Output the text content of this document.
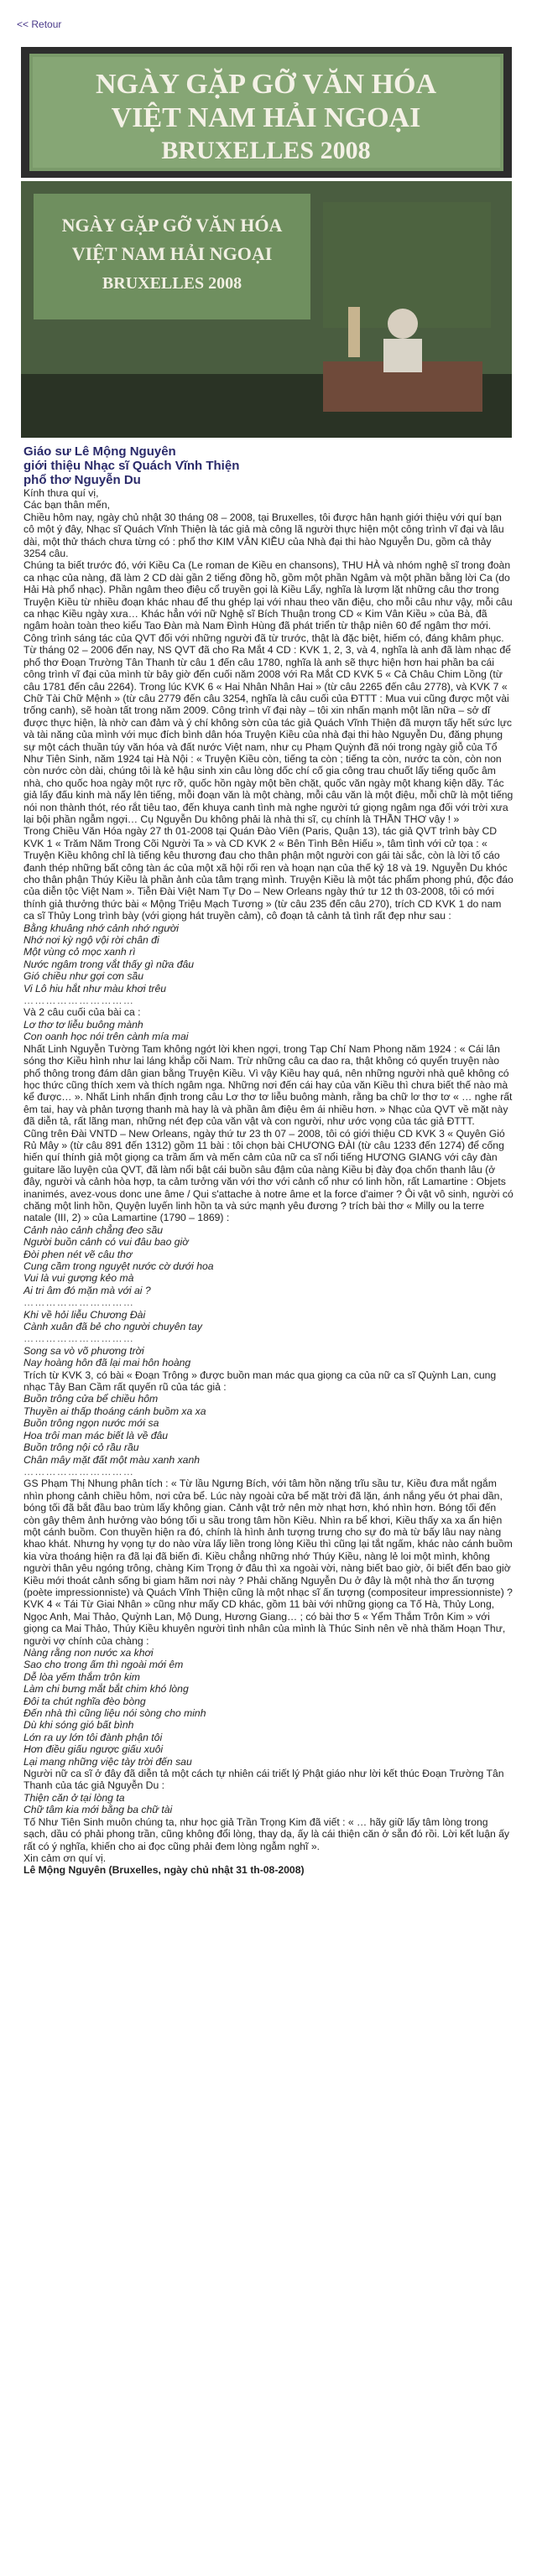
<< Retour
NGÀY GẶP GỠ VĂN HÓA
VIỆT NAM HẢI NGOẠI
BRUXELLES 2008
NGÀY GẶP GỠ VĂN HÓA
VIỆT NAM HẢI NGOẠI
BRUXELLES 2008

Giáo sư Lê Mộng Nguyên

giới thiệu Nhạc sĩ Quách Vĩnh Thiện

phổ thơ Nguyễn Du

Kính thưa quí vị,

Các bạn thân mến,

Chiều hôm nay, ngày chủ nhật 30 tháng 08 – 2008, tại Bruxelles, tôi được hân hạnh giới thiệu với quí bạn cô một ý đây, Nhạc sĩ Quách Vĩnh Thiện là tác giả mà công lã người thực hiện một công trình vĩ đại và lâu dài, một thử thách chưa từng có : phổ thơ KIM VÂN KIỀU của Nhà đại thi hào Nguyễn Du, gồm cả thảy 3254 câu.

Chúng ta biết trước đó, với Kiều Ca (Le roman de Kiều en chansons), THU HÀ và nhóm nghệ sĩ trong đoàn ca nhạc của nàng, đã làm 2 CD dài gần 2 tiếng đồng hồ, gồm một phần Ngâm và một phần bằng lời Ca (do Hải Hà phổ nhạc). Phần ngâm theo điệu cổ truyền gọi là Kiều Lẩy, nghĩa là lượm lặt những câu thơ trong Truyện Kiều từ nhiều đoạn khác nhau để thu ghép lại với nhau theo văn điệu, cho mỗi câu như vậy, mỗi câu ca nhạc Kiều ngày xưa… Khác hẳn với nữ Nghệ sĩ Bích Thuận trong CD « Kim Vân Kiều » của Bà, đã ngâm hoàn toàn theo kiểu Tao Đàn mà Nam Đình Hùng đã phát triển từ thập niên 60 để ngâm thơ mới. Công trình sáng tác của QVT đối với những người đã từ trước, thật là đặc biệt, hiếm có, đáng khâm phục.

Từ tháng 02 – 2006 đến nay, NS QVT đã cho Ra Mắt 4 CD : KVK 1, 2, 3, và 4, nghĩa là anh đã làm nhạc để phổ thơ Đoạn Trường Tân Thanh từ câu 1 đến câu 1780, nghĩa là anh sẽ thực hiện hơn hai phần ba cái công trình vĩ đại của mình từ bây giờ đến cuối năm 2008 với Ra Mắt CD KVK 5 « Cả Châu Chim Lồng (từ câu 1781 đến câu 2264). Trong lúc KVK 6 « Hai Nhân Nhân Hai » (từ câu 2265 đến câu 2778), và KVK 7 « Chữ Tài Chữ Mệnh » (từ câu 2779 đến câu 3254, nghĩa là câu cuối của ĐTTT : Mua vui cũng được một vài trống canh), sẽ hoàn tất trong năm 2009. Công trình vĩ đại này – tôi xin nhấn mạnh một lần nữa – sở dĩ được thực hiện, là nhờ can đảm và ý chí không sờn của tác giả Quách Vĩnh Thiện đã mượn tấy hết sức lực và tài năng của mình với mục đích bình dân hóa Truyện Kiều của nhà đại thi hào Nguyễn Du, đăng phụng sự một cách thuần túy văn hóa và đất nước Việt nam, như cụ Phạm Quỳnh đã nói trong ngày giỗ của Tổ Như Tiên Sinh, năm 1924 tại Hà Nội : « Truyện Kiều còn, tiếng ta còn ; tiếng ta còn, nước ta còn, còn non còn nước còn dài, chúng tôi là kẻ hậu sinh xin câu lòng dốc chí cố gia công trau chuốt lấy tiếng quốc âm nhà, cho quốc hoa ngày một rực rỡ, quốc hồn ngày một bền chặt, quốc văn ngày một khang kiện dãy. Tác giả lấy đấu kinh mà nấy lên tiếng, mỗi đoạn văn là một chàng, mỗi câu văn là một điệu, mỗi chữ là một tiếng nói non thành thót, réo rắt tiêu tao, đến khuya canh tình mà nghe người tứ giọng ngâm nga đối với trời xưa lại bội phần ngẫm ngợi… Cụ Nguyễn Du không phải là nhà thi sĩ, cụ chính là THẦN THƠ vậy ! »

Trong Chiều Văn Hóa ngày 27 th 01-2008 tại Quán Đào Viên (Paris, Quận 13), tác giả QVT trình bày CD KVK 1 « Trăm Năm Trong Cõi Người Ta » và CD KVK 2 « Bên Tình Bên Hiếu », tâm tình với cử tọa : « Truyện Kiều không chỉ là tiếng kêu thương đau cho thân phận một người con gái tài sắc, còn là lời tố cáo đanh thép những bất công tàn ác của một xã hội rối ren và hoạn nạn của thế kỷ 18 và 19. Nguyễn Du khóc cho thân phận Thúy Kiều là phần ảnh của tâm trạng mình. Truyện Kiều là một tác phẩm phong phú, độc đáo của diễn tộc Việt Nam ». Tiễn Đài Việt Nam Tự Do – New Orleans ngày thứ tư 12 th 03-2008, tôi có mới thính giả thưởng thức bài « Mộng Triệu Mạch Tương » (từ câu 235 đến câu 270), trích CD KVK 1 do nam ca sĩ Thủy Long trình bày (với giọng hát truyền cảm), cô đoạn tả cảnh tả tình rất đẹp như sau :

Bằng khuâng nhớ cảnh nhớ người

Nhớ nơi kỳ ngộ vội rời chân đi

Một vùng cỏ mọc xanh rì

Nước ngâm trong vắt thấy gì nữa đâu

Gió chiều như gợi cơn sầu

Vi Lô hiu hắt như màu khơi trêu

…………………………

Và 2 câu cuối của bài ca :

Lơ thơ tơ liễu buông mành

Con oanh học nói trên cành mía mai

Nhất Linh Nguyễn Tường Tam không ngớt lời khen ngợi, trong Tạp Chí Nam Phong năm 1924 : « Cái lân sóng thơ Kiều hình như lai láng khắp cõi Nam. Trừ những câu ca dao ra, thật không có quyển truyện nào phổ thông trong đám dân gian bằng Truyện Kiều. Vì vậy Kiều hay quá, nên những người nhà quê không có học thức cũng thích xem và thích ngâm nga. Những nơi đến cái hay của văn Kiều thì chưa biết thế nào mà kể được… ». Nhất Linh nhấn định trong câu Lơ thơ tơ liễu buông mành, rằng ba chữ lơ thơ tơ « … nghe rất êm tai, hay và phản tượng thanh mà hay là và phần âm điệu êm ái nhiều hơn. » Nhạc của QVT về mặt này đã diễn tả, rất lãng man, những nét đẹp của văn vật và con người, như ước vọng của tác giả ĐTTT.

Cũng trên Đài VNTD – New Orleans, ngày thứ tư 23 th 07 – 2008, tôi có giới thiệu CD KVK 3 « Quyên Gió Rủ Mây » (từ câu 891 đến 1312) gồm 11 bài : tôi chọn bài CHƯƠNG ĐÀI (từ câu 1233 đến 1274) để cống hiến quí thính giả một giọng ca trầm ấm và mến cảm của nữ ca sĩ nổi tiếng HƯƠNG GIANG với cây đàn guitare lão luyện của QVT, đã làm nổi bật cái buồn sâu đậm của nàng Kiều bị đày đọa chốn thanh lâu (ở đây, người và cảnh hòa hợp, ta cảm tưởng văn với thơ với cảnh cổ như có linh hồn, rất Lamartine : Objets inanimés, avez-vous donc une âme / Qui s'attache à notre âme et la force d'aimer ? Ôi vật vô sinh, người có chăng một linh hồn, Quyện luyến linh hồn ta và sức mạnh yêu đương ? trích bài thơ « Milly ou la terre natale (III, 2) » của Lamartine (1790 – 1869) :

Cảnh nào cảnh chẳng đeo sầu

Người buồn cảnh có vui đâu bao giờ

Đòi phen nét vẽ câu thơ

Cung cầm trong nguyệt nước cờ dưới hoa

Vui là vui gượng kẻo mà

Ai tri âm đó mặn mà với ai ?

…………………………

Khi về hỏi liễu Chương Đài

Cành xuân đã bẻ cho người chuyên tay

…………………………

Song sa vò võ phương trời

Nay hoàng hôn đã lại mai hôn hoàng

Trích từ KVK 3, có bài « Đoạn Trông » được buồn man mác qua giọng ca của nữ ca sĩ Quỳnh Lan, cung nhạc Tây Ban Cầm rất quyến rũ của tác giả :

Buồn trông cửa bể chiều hôm

Thuyền ai thấp thoáng cánh buồm xa xa

Buồn trông ngọn nước mới sa

Hoa trôi man mác biết là về đâu

Buồn trông nội cỏ rầu rầu

Chân mây mặt đất một màu xanh xanh

…………………………

GS Phạm Thị Nhung phân tích : « Từ lầu Ngưng Bích, với tâm hồn nặng trĩu sầu tư, Kiều đưa mắt ngắm nhìn phong cảnh chiều hôm, nơi cửa bể. Lúc này ngoài cửa bể mặt trời đã lặn, ánh nắng yếu ớt phai dần, bóng tối đã bắt đầu bao trùm lấy không gian. Cảnh vật trở nên mờ nhạt hơn, khó nhìn hơn. Bóng tối đến còn gây thêm ảnh hưởng vào bóng tối u sầu trong tâm hồn Kiều. Nhìn ra bể khơi, Kiều thấy xa xa ẩn hiện một cánh buồm. Con thuyền hiện ra đó, chính là hình ảnh tượng trưng cho sự đo mà từ bấy lâu nay nàng khao khát. Nhưng hy vọng tự do nào vừa lấy liền trong lòng Kiều thì cũng lại tắt ngấm, khác nào cánh buồm kia vừa thoáng hiện ra đã lại đã biến đi. Kiều chẳng những nhớ Thúy Kiều, nàng lẻ loi một mình, không người thân yêu ngóng trông, chàng Kim Trọng ở đâu thì xa ngoài vời, nàng biết bao giờ, ôi biết đến bao giờ Kiều mới thoát cảnh sống bi giam hãm nơi này ? Phải chăng Nguyễn Du ở đây là một nhà thơ ấn tượng (poète impressionniste) và Quách Vĩnh Thiện cũng là một nhạc sĩ ấn tượng (compositeur impressionniste) ?

KVK 4 « Tái Từ Giai Nhân » cũng như mấy CD khác, gồm 11 bài với những giọng ca Tố Hà, Thủy Long, Ngọc Anh, Mai Thảo, Quỳnh Lan, Mộ Dung, Hương Giang… ; có bài thơ 5 « Yểm Thắm Trôn Kim » với giọng ca Mai Thảo, Thúy Kiều khuyên người tình nhân của mình là Thúc Sinh nên về nhà thăm Hoạn Thư, người vợ chính của chàng :

Nàng rằng non nước xa khơi

Sao cho trong ấm thì ngoài mới êm

Dễ lòa yếm thắm trôn kim

Làm chi bưng mắt bắt chim khó lòng

Đôi ta chút nghĩa đèo bòng

Đến nhà thì cũng liệu nói sòng cho minh

Dù khi sóng gió bất bình

Lớn ra uy lớn tôi đành phận tôi

Hơn điều giấu ngược giấu xuôi

Lại mang những việc tày trời đến sau

Người nữ ca sĩ ở đây đã diễn tả một cách tự nhiên cái triết lý Phật giáo như lời kết thúc Đoạn Trường Tân Thanh của tác giả Nguyễn Du :

Thiện căn ở tại lòng ta

Chữ tâm kia mới bằng ba chữ tài

Tố Như Tiên Sinh muôn chúng ta, như học giả Trần Trọng Kim đã viết : « … hãy giữ lấy tâm lòng trong sạch, dầu có phải phong trần, cũng không đổi lòng, thay dạ, ấy là cái thiện căn ở sẵn đó rồi. Lời kết luận ấy rất có ý nghĩa, khiến cho ai đọc cũng phải đem lòng ngẫm nghĩ ».

Xin cảm ơn quí vị.

Lê Mộng Nguyên (Bruxelles, ngày chủ nhật 31 th-08-2008)
